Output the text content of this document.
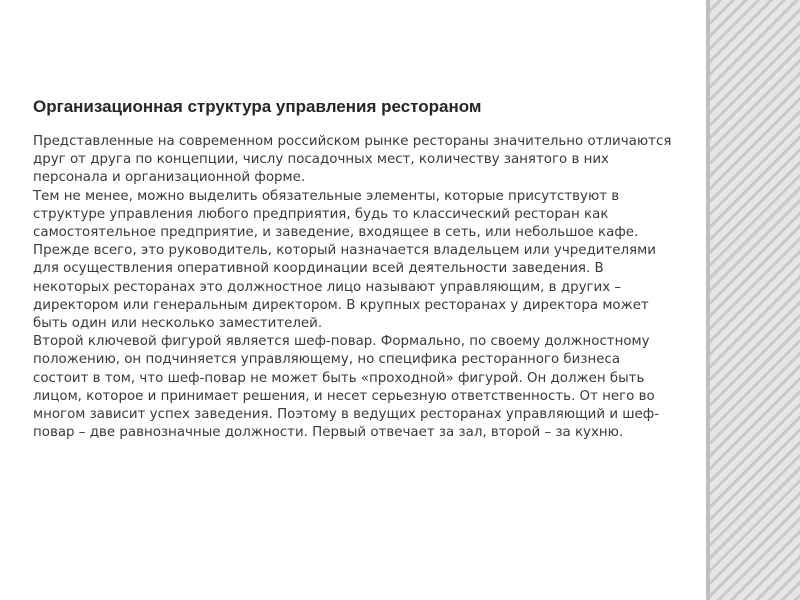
Организационная структура управления рестораном

Представленные на современном российском рынке рестораны значительно отличаются друг от друга по концепции, числу посадочных мест, количеству занятого в них персонала и организационной форме.

Тем не менее, можно выделить обязательные элементы, которые присутствуют в структуре управления любого предприятия, будь то классический ресторан как самостоятельное предприятие, и заведение, входящее в сеть, или небольшое кафе. Прежде всего, это руководитель, который назначается владельцем или учредителями для осуществления оперативной координации всей деятельности заведения. В некоторых ресторанах это должностное лицо называют управляющим, в других – директором или генеральным директором. В крупных ресторанах у директора может быть один или несколько заместителей.

Второй ключевой фигурой является шеф-повар. Формально, по своему должностному положению, он подчиняется управляющему, но специфика ресторанного бизнеса состоит в том, что шеф-повар не может быть «проходной» фигурой. Он должен быть лицом, которое и принимает решения, и несет серьезную ответственность. От него во многом зависит успех заведения. Поэтому в ведущих ресторанах управляющий и шеф-повар – две равнозначные должности. Первый отвечает за зал, второй – за кухню.
